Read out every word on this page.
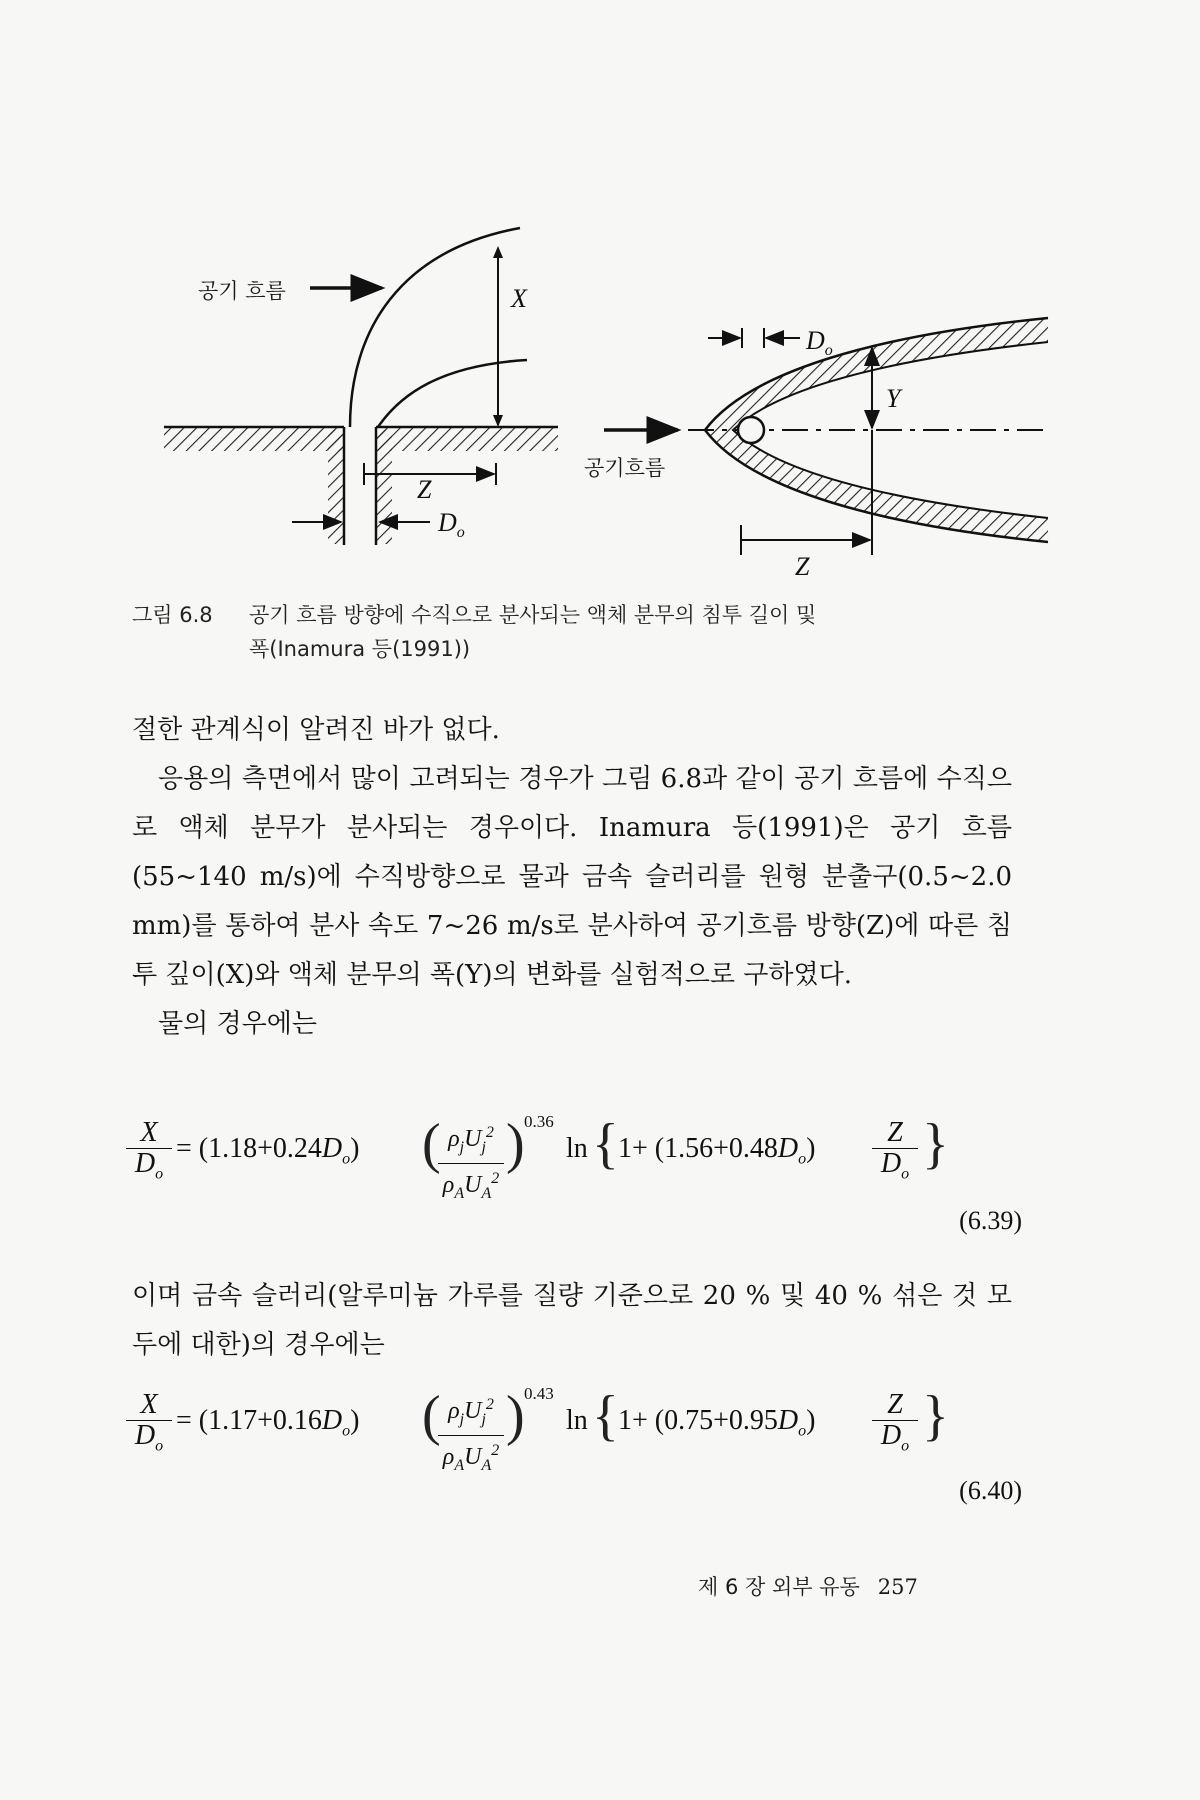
공기 흐름	X
Z
$D_o$
공기흐름
$D_o$
Y
Z
그림 6.8 공기 흐름 방향에 수직으로 분사되는 액체 분무의 침투 길이 및
폭(Inamura 등(1991))

절한 관계식이 알려진 바가 없다.

응용의 측면에서 많이 고려되는 경우가 그림 6.8과 같이 공기 흐름에 수직으로 액체 분무가 분사되는 경우이다. Inamura 등(1991)은 공기 흐름(55~140 m/s)에 수직방향으로 물과 금속 슬러리를 원형 분출구(0.5~2.0 mm)를 통하여 분사 속도 7~26 m/s로 분사하여 공기흐름 방향(Z)에 따른 침투 깊이(X)와 액체 분무의 폭(Y)의 변화를 실험적으로 구하였다.

물의 경우에는

$\frac{X}{D_o} = (1.18+0.24D_o)$ ( $\rho_jU_j^2$
$\rho_AU_A^2$
) 0.36
ln { $1+ (1.56+0.48D_o) \frac{Z}{D_o}$ }
(6.39)

이며 금속 슬러리(알루미늄 가루를 질량 기준으로 20 % 및 40 % 섞은 것 모두에 대한)의 경우에는

$\frac{X}{D_o} = (1.17+0.16D_o)$ ( $\rho_jU_j^2$
$\rho_AU_A^2$
) 0.43
ln { $1+ (0.75+0.95D_o) \frac{Z}{D_o}$ }
(6.40)
제 6 장 외부 유동 257
